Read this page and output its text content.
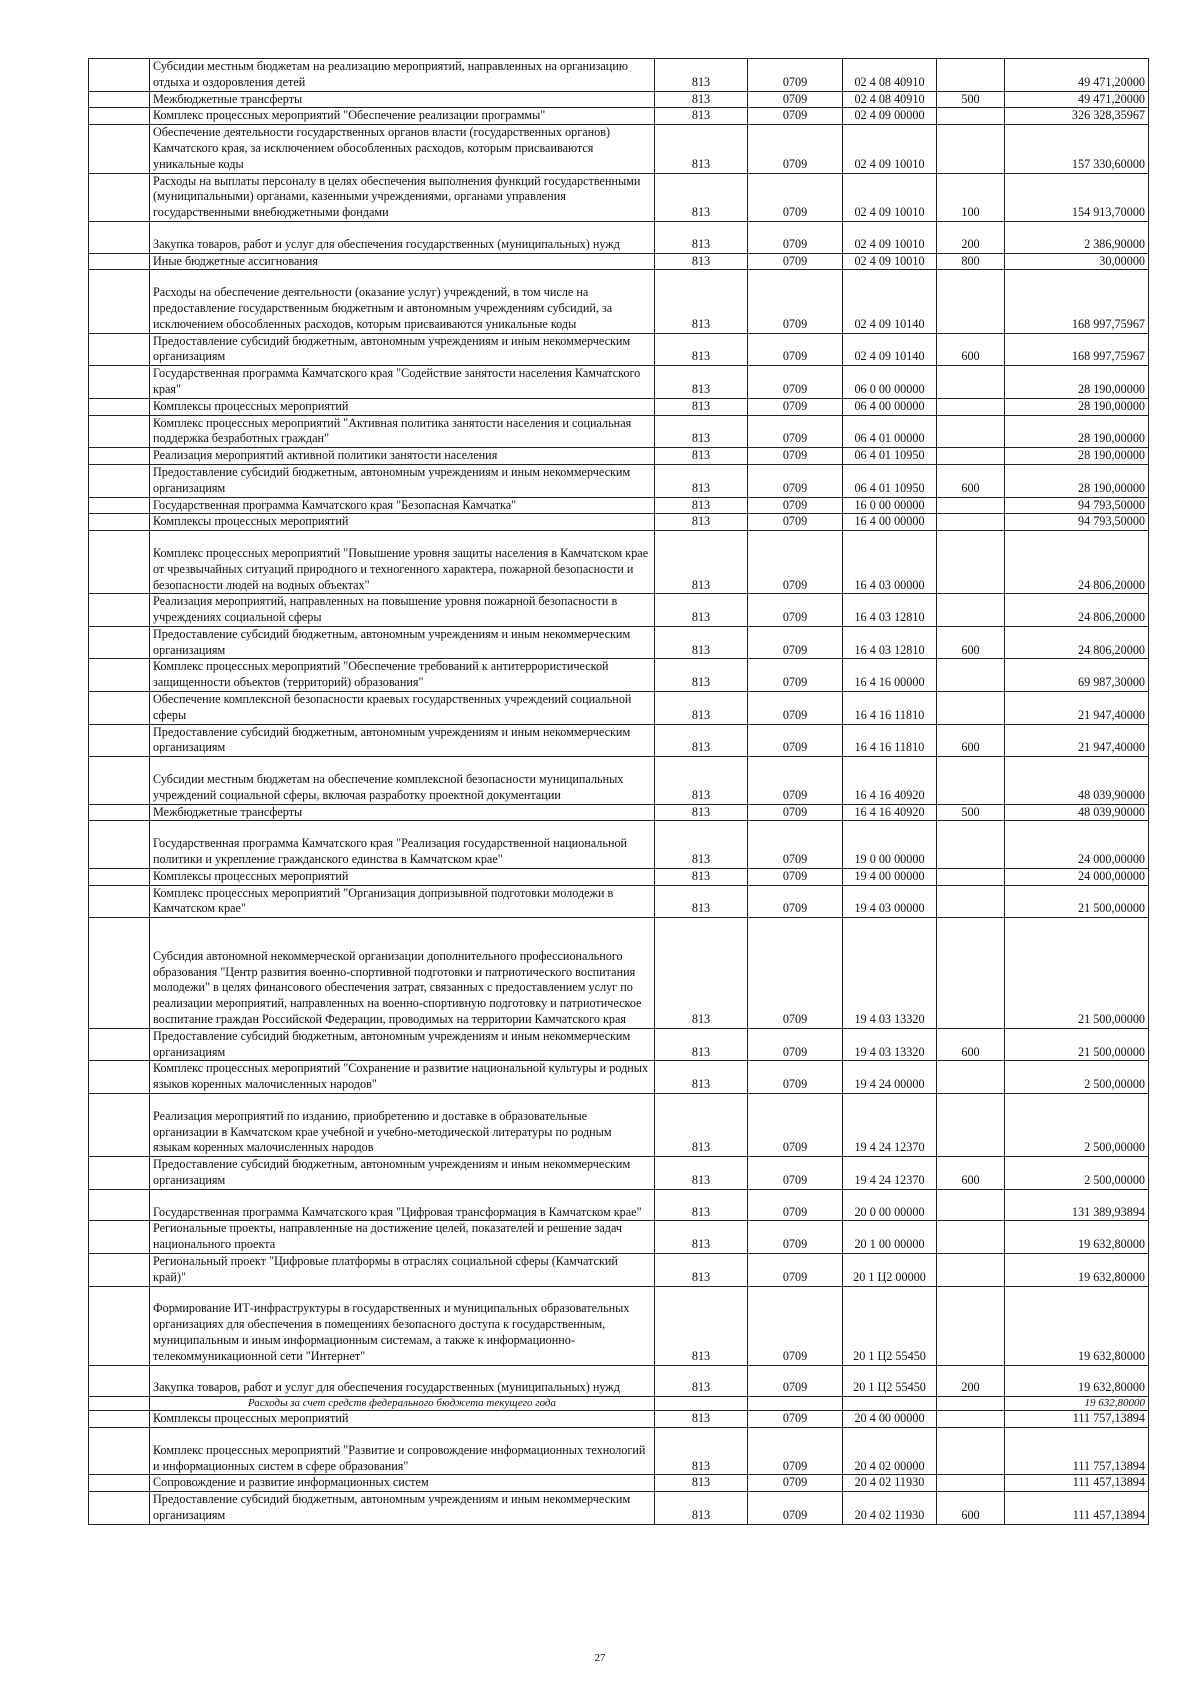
	Субсидии местным бюджетам на реализацию мероприятий, направленных на организацию отдыха и оздоровления детей	813	0709	02 4 08 40910		49 471,20000
	Межбюджетные трансферты	813	0709	02 4 08 40910	500	49 471,20000
	Комплекс процессных мероприятий "Обеспечение реализации программы"	813	0709	02 4 09 00000		326 328,35967
	Обеспечение деятельности государственных органов власти (государственных органов) Камчатского края, за исключением обособленных расходов, которым присваиваются уникальные коды	813	0709	02 4 09 10010		157 330,60000
	Расходы на выплаты персоналу в целях обеспечения выполнения функций государственными (муниципальными) органами, казенными учреждениями, органами управления государственными внебюджетными фондами	813	0709	02 4 09 10010	100	154 913,70000
	Закупка товаров, работ и услуг для обеспечения государственных (муниципальных) нужд	813	0709	02 4 09 10010	200	2 386,90000
	Иные бюджетные ассигнования	813	0709	02 4 09 10010	800	30,00000
	Расходы на обеспечение деятельности (оказание услуг) учреждений, в том числе на предоставление государственным бюджетным и автономным учреждениям субсидий, за исключением обособленных расходов, которым присваиваются уникальные коды	813	0709	02 4 09 10140		168 997,75967
	Предоставление субсидий бюджетным, автономным учреждениям и иным некоммерческим организациям	813	0709	02 4 09 10140	600	168 997,75967
	Государственная программа Камчатского края "Содействие занятости населения Камчатского края"	813	0709	06 0 00 00000		28 190,00000
	Комплексы процессных мероприятий	813	0709	06 4 00 00000		28 190,00000
	Комплекс процессных мероприятий "Активная политика занятости населения и социальная поддержка безработных граждан"	813	0709	06 4 01 00000		28 190,00000
	Реализация мероприятий активной политики занятости населения	813	0709	06 4 01 10950		28 190,00000
	Предоставление субсидий бюджетным, автономным учреждениям и иным некоммерческим организациям	813	0709	06 4 01 10950	600	28 190,00000
	Государственная программа Камчатского края "Безопасная Камчатка"	813	0709	16 0 00 00000		94 793,50000
	Комплексы процессных мероприятий	813	0709	16 4 00 00000		94 793,50000
	Комплекс процессных мероприятий "Повышение уровня защиты населения в Камчатском крае от чрезвычайных ситуаций природного и техногенного характера, пожарной безопасности и безопасности людей на водных объектах"	813	0709	16 4 03 00000		24 806,20000
	Реализация мероприятий, направленных на повышение уровня пожарной безопасности в учреждениях социальной сферы	813	0709	16 4 03 12810		24 806,20000
	Предоставление субсидий бюджетным, автономным учреждениям и иным некоммерческим организациям	813	0709	16 4 03 12810	600	24 806,20000
	Комплекс процессных мероприятий "Обеспечение требований к антитеррористической защищенности объектов (территорий) образования"	813	0709	16 4 16 00000		69 987,30000
	Обеспечение комплексной безопасности краевых государственных учреждений социальной сферы	813	0709	16 4 16 11810		21 947,40000
	Предоставление субсидий бюджетным, автономным учреждениям и иным некоммерческим организациям	813	0709	16 4 16 11810	600	21 947,40000
	Субсидии местным бюджетам на обеспечение комплексной безопасности муниципальных учреждений социальной сферы, включая разработку проектной документации	813	0709	16 4 16 40920		48 039,90000
	Межбюджетные трансферты	813	0709	16 4 16 40920	500	48 039,90000
	Государственная программа Камчатского края "Реализация государственной национальной политики и укрепление гражданского единства в Камчатском крае"	813	0709	19 0 00 00000		24 000,00000
	Комплексы процессных мероприятий	813	0709	19 4 00 00000		24 000,00000
	Комплекс процессных мероприятий "Организация допризывной подготовки молодежи в Камчатском крае"	813	0709	19 4 03 00000		21 500,00000
	Субсидия автономной некоммерческой организации дополнительного профессионального образования "Центр развития военно-спортивной подготовки и патриотического воспитания молодежи" в целях финансового обеспечения затрат, связанных с предоставлением услуг по реализации мероприятий, направленных на военно-спортивную подготовку и патриотическое воспитание граждан Российской Федерации, проводимых на территории Камчатского края	813	0709	19 4 03 13320		21 500,00000
	Предоставление субсидий бюджетным, автономным учреждениям и иным некоммерческим организациям	813	0709	19 4 03 13320	600	21 500,00000
	Комплекс процессных мероприятий "Сохранение и развитие национальной культуры и родных языков коренных малочисленных народов"	813	0709	19 4 24 00000		2 500,00000
	Реализация мероприятий по изданию, приобретению и доставке в образовательные организации в Камчатском крае учебной и учебно-методической литературы по родным языкам коренных малочисленных народов	813	0709	19 4 24 12370		2 500,00000
	Предоставление субсидий бюджетным, автономным учреждениям и иным некоммерческим организациям	813	0709	19 4 24 12370	600	2 500,00000
	Государственная программа Камчатского края "Цифровая трансформация в Камчатском крае"	813	0709	20 0 00 00000		131 389,93894
	Региональные проекты, направленные на достижение целей, показателей и решение задач национального проекта	813	0709	20 1 00 00000		19 632,80000
	Региональный проект "Цифровые платформы в отраслях социальной сферы (Камчатский край)"	813	0709	20 1 Ц2 00000		19 632,80000
	Формирование ИТ-инфраструктуры в государственных и муниципальных образовательных организациях для обеспечения в помещениях безопасного доступа к государственным, муниципальным и иным информационным системам, а также к информационно-телекоммуникационной сети "Интернет"	813	0709	20 1 Ц2 55450		19 632,80000
	Закупка товаров, работ и услуг для обеспечения государственных (муниципальных) нужд	813	0709	20 1 Ц2 55450	200	19 632,80000
	Расходы за счет средств федерального бюджета текущего года					19 632,80000
	Комплексы процессных мероприятий	813	0709	20 4 00 00000		111 757,13894
	Комплекс процессных мероприятий "Развитие и сопровождение информационных технологий и информационных систем в сфере образования"	813	0709	20 4 02 00000		111 757,13894
	Сопровождение и развитие информационных систем	813	0709	20 4 02 11930		111 457,13894
	Предоставление субсидий бюджетным, автономным учреждениям и иным некоммерческим организациям	813	0709	20 4 02 11930	600	111 457,13894
27
